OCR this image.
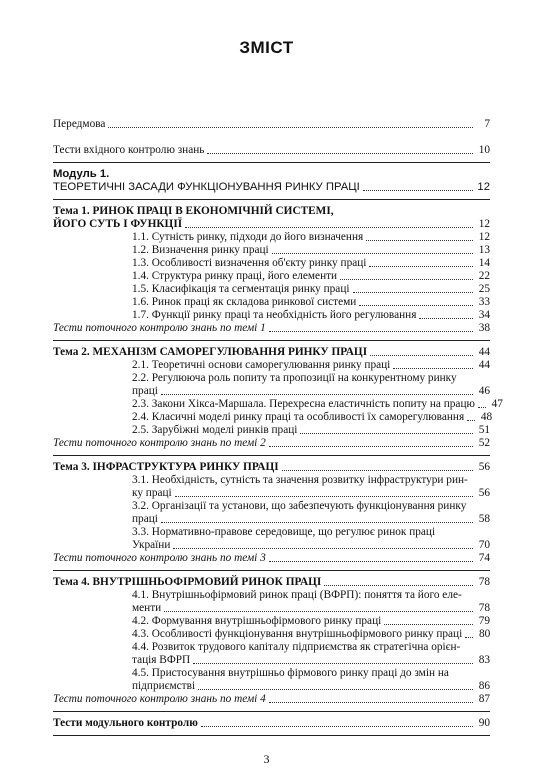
ЗМІСТ
Передмова	7
Тести вхідного контролю знань	10
Модуль 1.
ТЕОРЕТИЧНІ ЗАСАДИ ФУНКЦІОНУВАННЯ РИНКУ ПРАЦІ	12
Тема 1. РИНОК ПРАЦІ В ЕКОНОМІЧНІЙ СИСТЕМІ,
ЙОГО СУТЬ І ФУНКЦІЇ	12
1.1. Сутність ринку, підходи до його визначення	12
1.2. Визначення ринку праці	13
1.3. Особливості визначення об'єкту ринку праці	14
1.4. Структура ринку праці, його елементи	22
1.5. Класифікація та сегментація ринку праці	25
1.6. Ринок праці як складова ринкової системи	33
1.7. Функції ринку праці та необхідність його регулювання	34
Тести поточного контролю знань по темі 1	38
Тема 2. МЕХАНІЗМ САМОРЕГУЛЮВАННЯ РИНКУ ПРАЦІ	44
2.1. Теоретичні основи саморегулювання ринку праці	44
2.2. Регулююча роль попиту та пропозиції на конкурентному ринку
праці	46
2.3. Закони Хікса-Маршала. Перехресна еластичність попиту на працю 47
2.4. Класичні моделі ринку праці та особливості їх саморегулювання 48
2.5. Зарубіжні моделі ринків праці	51
Тести поточного контролю знань по темі 2	52
Тема 3. ІНФРАСТРУКТУРА РИНКУ ПРАЦІ	56
3.1. Необхідність, сутність та значення розвитку інфраструктури рин-
ку праці	56
3.2. Організації та установи, що забезпечують функціонування ринку
праці	58
3.3. Нормативно-правове середовище, що регулює ринок праці
України	70
Тести поточного контролю знань по темі 3	74
Тема 4. ВНУТРІШНЬОФІРМОВИЙ РИНОК ПРАЦІ	78
4.1. Внутрішньофірмовий ринок праці (ВФРП): поняття та його еле-
менти	78
4.2. Формування внутрішньофірмового ринку праці	79
4.3. Особливості функціонування внутрішньофірмового ринку праці 80
4.4. Розвиток трудового капіталу підприємства як стратегічна орієн-
тація ВФРП	83
4.5. Пристосування внутрішньо фірмового ринку праці до змін на
підприємстві	86
Тести поточного контролю знань по темі 4	87
Тести модульного контролю	90
3
